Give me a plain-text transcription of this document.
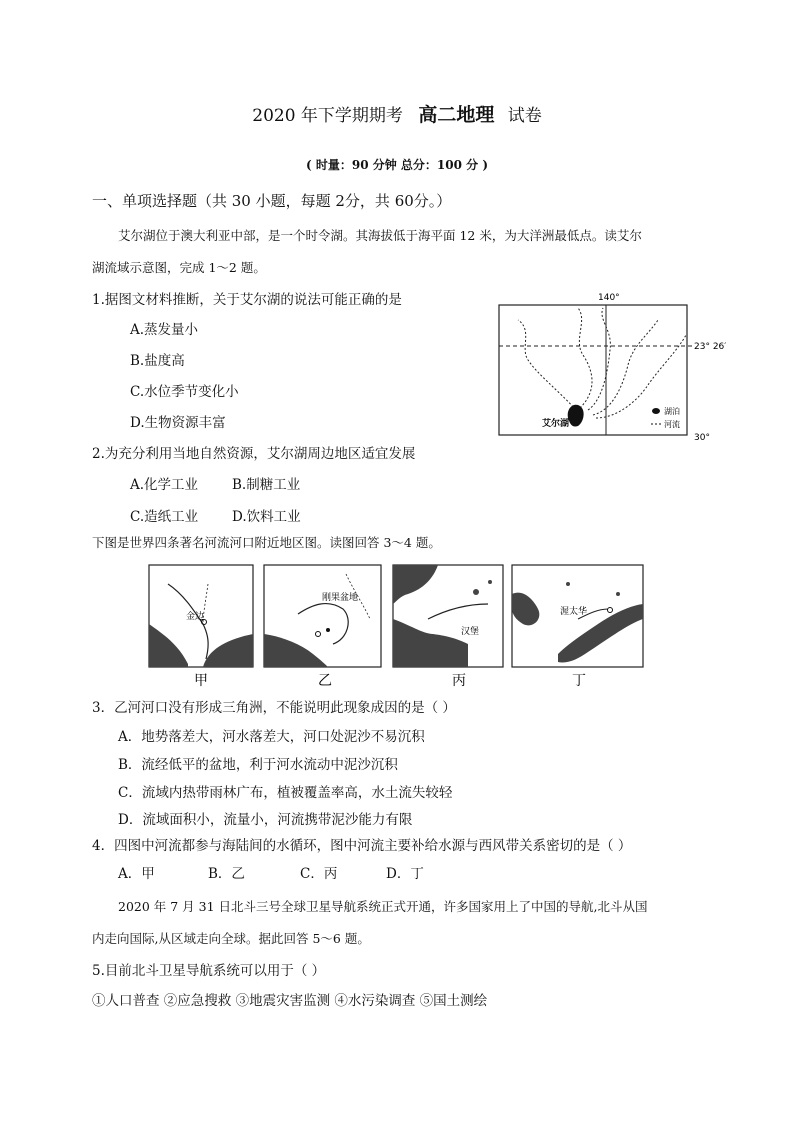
2020 年下学期期考 高二地理 试卷
( 时量：90 分钟 总分：100 分 )
一、单项选择题（共 30 小题，每题 2分，共 60分。）
艾尔湖位于澳大利亚中部，是一个时令湖。其海拔低于海平面 12 米，为大洋洲最低点。读艾尔
湖流域示意图，完成 1～2 题。
1.据图文材料推断，关于艾尔湖的说法可能正确的是
A.蒸发量小
B.盐度高
C.水位季节变化小
D.生物资源丰富
140°
23° 26′
30°
艾尔湖
湖泊
河流
2.为充分利用当地自然资源，艾尔湖周边地区适宜发展
A.化学工业	B.制糖工业
C.造纸工业	D.饮料工业
下图是世界四条著名河流河口附近地区图。读图回答 3～4 题。
金边
刚果盆地
汉堡
渥太华
甲	乙	丙	丁
3．乙河河口没有形成三角洲，不能说明此现象成因的是（ ）
A．地势落差大，河水落差大，河口处泥沙不易沉积
B．流经低平的盆地，利于河水流动中泥沙沉积
C．流域内热带雨林广布，植被覆盖率高，水土流失较轻
D．流域面积小，流量小，河流携带泥沙能力有限
4．四图中河流都参与海陆间的水循环，图中河流主要补给水源与西风带关系密切的是（ ）
A．甲	B．乙	C．丙	D．丁
2020 年 7 月 31 日北斗三号全球卫星导航系统正式开通，许多国家用上了中国的导航,北斗从国
内走向国际,从区域走向全球。据此回答 5～6 题。
5.目前北斗卫星导航系统可以用于（ ）
①人口普查 ②应急搜救 ③地震灾害监测 ④水污染调查 ⑤国土测绘
